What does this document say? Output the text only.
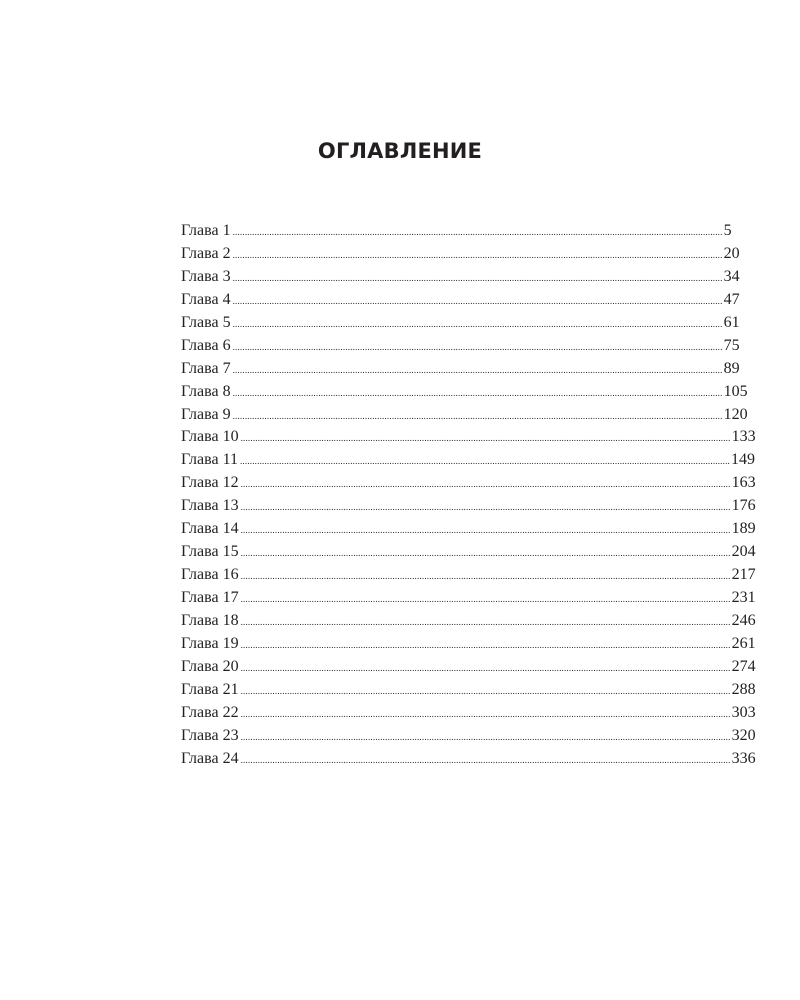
ОГЛАВЛЕНИЕ
Глава 1 ........................................................................................................................................................................................................ 5
Глава 2 ........................................................................................................................................................................................................ 20
Глава 3 ........................................................................................................................................................................................................ 34
Глава 4 ........................................................................................................................................................................................................ 47
Глава 5 ........................................................................................................................................................................................................ 61
Глава 6 ........................................................................................................................................................................................................ 75
Глава 7 ........................................................................................................................................................................................................ 89
Глава 8 ........................................................................................................................................................................................................ 105
Глава 9 ........................................................................................................................................................................................................ 120
Глава 10 ........................................................................................................................................................................................................ 133
Глава 11 ........................................................................................................................................................................................................ 149
Глава 12 ........................................................................................................................................................................................................ 163
Глава 13 ........................................................................................................................................................................................................ 176
Глава 14 ........................................................................................................................................................................................................ 189
Глава 15 ........................................................................................................................................................................................................ 204
Глава 16 ........................................................................................................................................................................................................ 217
Глава 17 ........................................................................................................................................................................................................ 231
Глава 18 ........................................................................................................................................................................................................ 246
Глава 19 ........................................................................................................................................................................................................ 261
Глава 20 ........................................................................................................................................................................................................ 274
Глава 21 ........................................................................................................................................................................................................ 288
Глава 22 ........................................................................................................................................................................................................ 303
Глава 23 ........................................................................................................................................................................................................ 320
Глава 24 ........................................................................................................................................................................................................ 336
